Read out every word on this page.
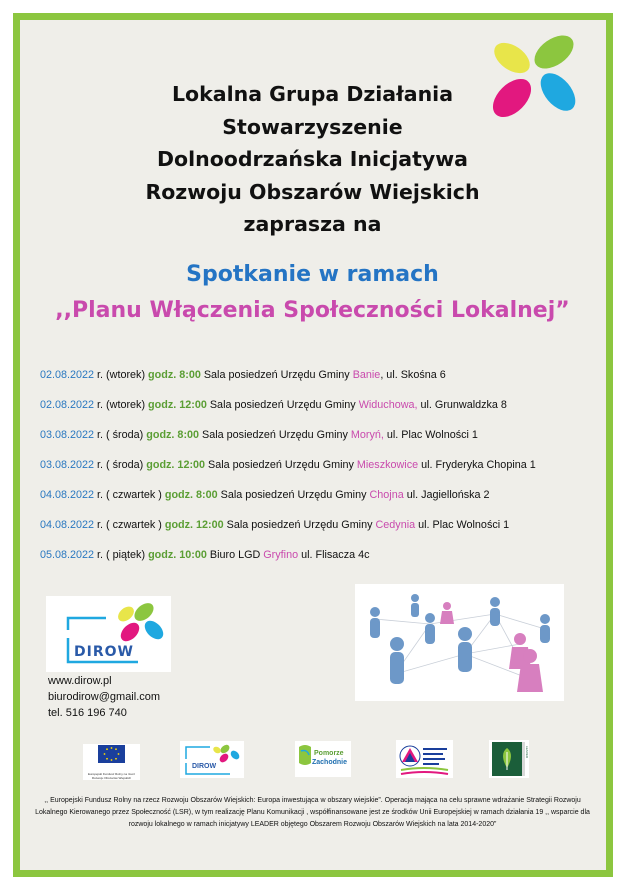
Lokalna Grupa Działania
Stowarzyszenie
Dolnoodrzańska Inicjatywa
Rozwoju Obszarów Wiejskich
zaprasza na
Spotkanie w ramach
,,Planu Włączenia Społeczności Lokalnej”
02.08.2022 r. (wtorek) godz. 8:00 Sala posiedzeń Urzędu Gminy Banie, ul. Skośna 6
02.08.2022 r. (wtorek) godz. 12:00 Sala posiedzeń Urzędu Gminy Widuchowa, ul. Grunwaldzka 8
03.08.2022 r. ( środa) godz. 8:00 Sala posiedzeń Urzędu Gminy Moryń, ul. Plac Wolności 1
03.08.2022 r. ( środa) godz. 12:00 Sala posiedzeń Urzędu Gminy Mieszkowice ul. Fryderyka Chopina 1
04.08.2022 r. ( czwartek ) godz. 8:00 Sala posiedzeń Urzędu Gminy Chojna ul. Jagiellońska 2
04.08.2022 r. ( czwartek ) godz. 12:00 Sala posiedzeń Urzędu Gminy Cedynia ul. Plac Wolności 1
05.08.2022 r. ( piątek) godz. 10:00 Biuro LGD Gryfino ul. Flisacza 4c
DIROW
www.dirow.pl
biurodirow@gmail.com
tel. 516 196 740
Europejski Fundusz Rolny na rzecz Rozwoju Obszarów Wiejskich
DIROW
Pomorze
Zachodnie
LEADER
,, Europejski Fundusz Rolny na rzecz Rozwoju Obszarów Wiejskich: Europa inwestująca w obszary wiejskie”. Operacja mająca na celu sprawne wdrażanie Strategii Rozwoju Lokalnego Kierowanego przez Społeczność (LSR), w tym realizację Planu Komunikacji , współfinansowane jest ze środków Unii Europejskiej w ramach działania 19 ,, wsparcie dla rozwoju lokalnego w ramach inicjatywy LEADER objętego Obszarem Rozwoju Obszarów Wiejskich na lata 2014-2020”
